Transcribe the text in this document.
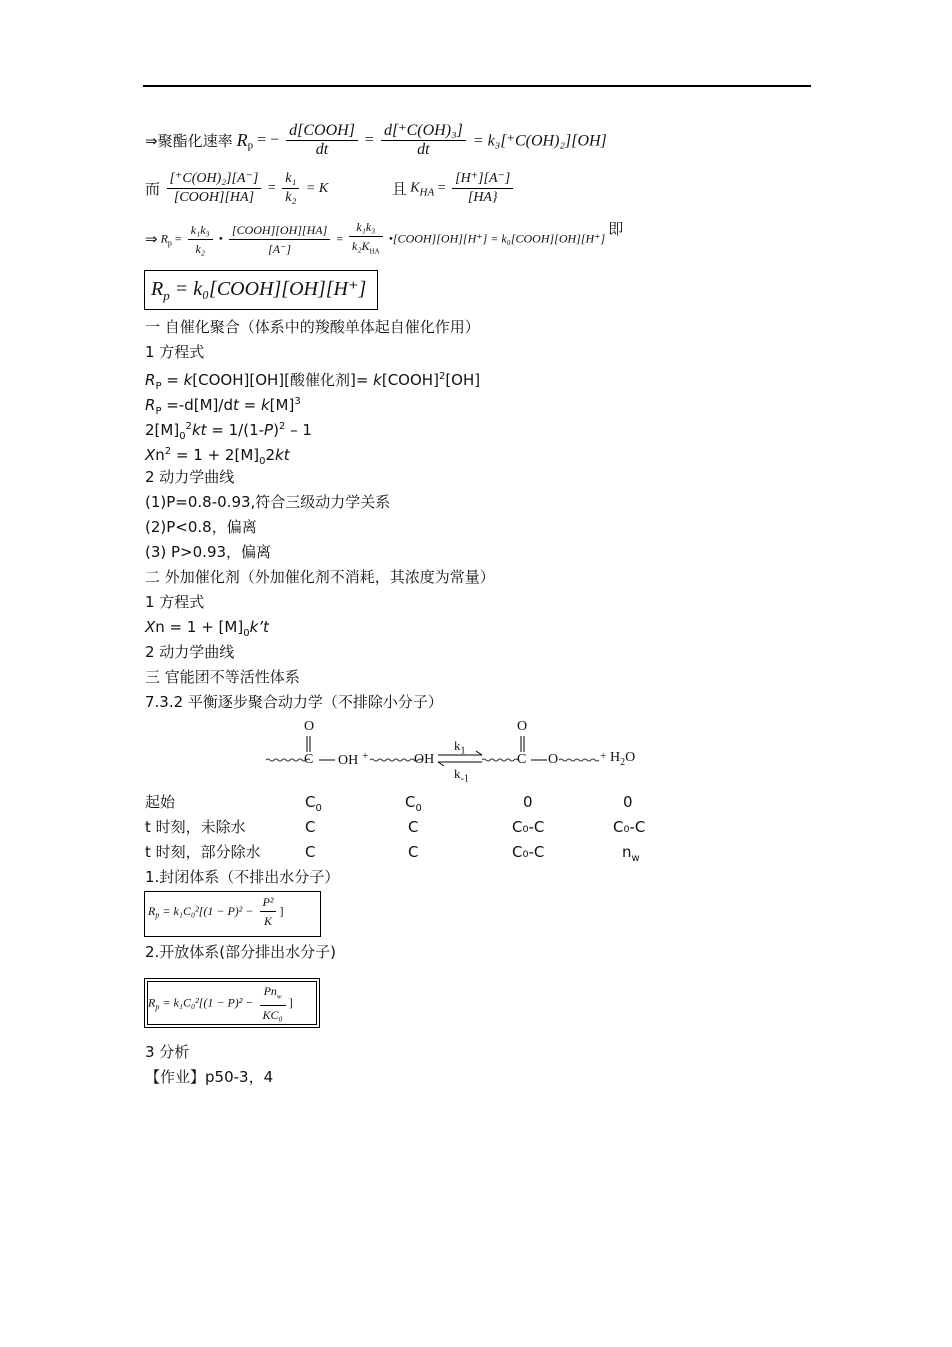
⇒聚酯化速率 $R_p$ = − $\frac{\text{d[COOH]}}{dt} = \frac{\text{d[⁺C(OH)₃]}}{dt} = k_3[^+C(OH)_2][OH]$
而 $\frac{\text{[⁺C(OH)₂][A⁻]}}{\text{[COOH][HA]}} = \frac{\text{k₁}}{\text{k₂}} = K$	且 $K_{HA} = \frac{[H^+][A^-]}{[HA\}}$
⇒ $R_p = \frac{\text{k₁k₃}}{\text{k₂}}$ • $\frac{\text{[COOH][OH][HA]}}{[A^-]} = \frac{\text{k₁k₃}}{k_2K_{HA}}$ •[COOH][OH][H⁺] = k₀[COOH][OH][H⁺] 即
$R_p$ = k₀[COOH][OH][H⁺]
一 自催化聚合（体系中的羧酸单体起自催化作用）
1 方程式
$R_P$ = k[COOH][OH][酸催化剂]= k[COOH]$^2$[OH]
$R_P =-d[M]/dt = k[M]^3$
$2[M]_0^2kt = 1/(1-P)^2 - 1$
$Xn^2 = 1 + 2[M]_02kt$
2 动力学曲线
(1)P=0.8-0.93,符合三级动力学关系
(2)P<0.8，偏离
(3) P>0.93，偏离
二 外加催化剂（外加催化剂不消耗，其浓度为常量）
1 方程式
$Xn = 1 + [M]_0k’t$
2 动力学曲线
三 官能团不等活性体系
7.3.2 平衡逐步聚合动力学（不排除小分子）
O
C OH +	OH
$k_1$
$k_{-1}$
O
C O	+ $H_2O$
起始	$C_0$	$C_0$	0	0
t 时刻，未除水	C	C	C₀-C	C₀-C
t 时刻，部分除水	C	C	C₀-C	$n_w$
1.封闭体系（不排出水分子）
$R_p = k_1C_0^2[(1 - P)^2 - \frac{\text{P²}}{K}$ ]
2.开放体系(部分排出水分子)
$R_p = k_1C_0^2[(1 - P)^2 - \frac{Pn_w}{\text{KC₀}}$ ]
3 分析
【作业】p50-3，4
